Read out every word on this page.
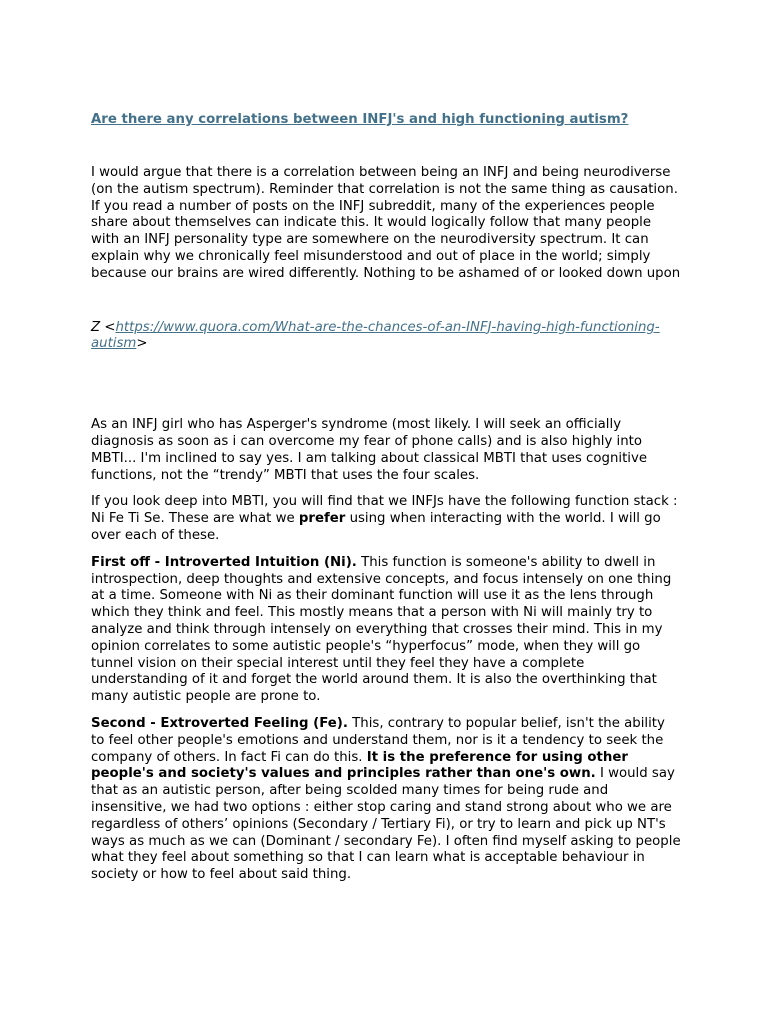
Are there any correlations between INFJ's and high functioning autism?

I would argue that there is a correlation between being an INFJ and being neurodiverse (on the autism spectrum). Reminder that correlation is not the same thing as causation. If you read a number of posts on the INFJ subreddit, many of the experiences people share about themselves can indicate this. It would logically follow that many people with an INFJ personality type are somewhere on the neurodiversity spectrum. It can explain why we chronically feel misunderstood and out of place in the world; simply because our brains are wired differently. Nothing to be ashamed of or looked down upon

Z <https://www.quora.com/What-are-the-chances-of-an-INFJ-having-high-functioning-autism>

As an INFJ girl who has Asperger's syndrome (most likely. I will seek an officially diagnosis as soon as i can overcome my fear of phone calls) and is also highly into MBTI... I'm inclined to say yes. I am talking about classical MBTI that uses cognitive functions, not the “trendy” MBTI that uses the four scales.

If you look deep into MBTI, you will find that we INFJs have the following function stack : Ni Fe Ti Se. These are what we prefer using when interacting with the world. I will go over each of these.

First off - Introverted Intuition (Ni). This function is someone's ability to dwell in introspection, deep thoughts and extensive concepts, and focus intensely on one thing at a time. Someone with Ni as their dominant function will use it as the lens through which they think and feel. This mostly means that a person with Ni will mainly try to analyze and think through intensely on everything that crosses their mind. This in my opinion correlates to some autistic people's “hyperfocus” mode, when they will go tunnel vision on their special interest until they feel they have a complete understanding of it and forget the world around them. It is also the overthinking that many autistic people are prone to.

Second - Extroverted Feeling (Fe). This, contrary to popular belief, isn't the ability to feel other people's emotions and understand them, nor is it a tendency to seek the company of others. In fact Fi can do this. It is the preference for using other people's and society's values and principles rather than one's own. I would say that as an autistic person, after being scolded many times for being rude and insensitive, we had two options : either stop caring and stand strong about who we are regardless of others’ opinions (Secondary / Tertiary Fi), or try to learn and pick up NT's ways as much as we can (Dominant / secondary Fe). I often find myself asking to people what they feel about something so that I can learn what is acceptable behaviour in society or how to feel about said thing.
